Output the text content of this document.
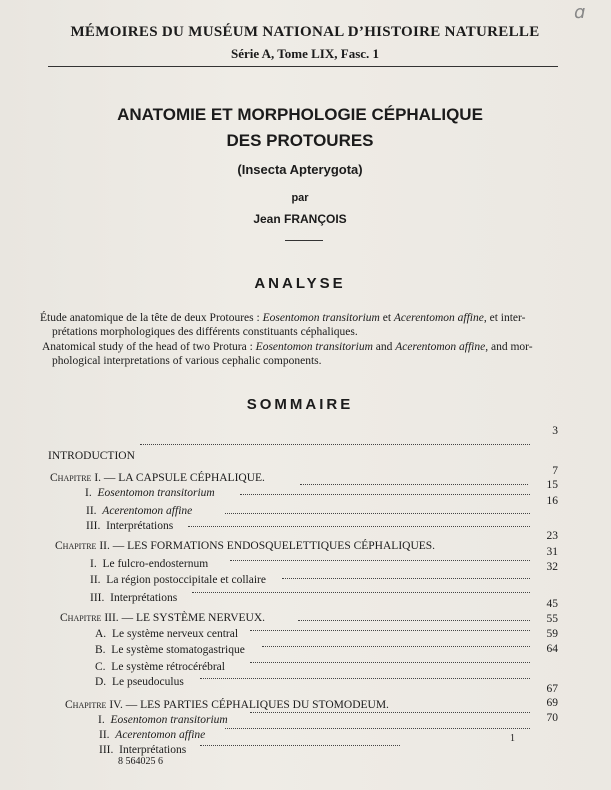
ɑ
MÉMOIRES DU MUSÉUM NATIONAL D’HISTOIRE NATURELLE
Série A, Tome LIX, Fasc. 1
ANATOMIE ET MORPHOLOGIE CÉPHALIQUE
DES PROTOURES
(Insecta Apterygota)
par
Jean FRANÇOIS
ANALYSE
Étude anatomique de la tête de deux Protoures : Eosentomon transitorium et Acerentomon affine, et inter-
prétations morphologiques des différents constituants céphaliques.
Anatomical study of the head of two Protura : Eosentomon transitorium and Acerentomon affine, and mor-
phological interpretations of various cephalic components.
SOMMAIRE
INTRODUCTION
3
Chapitre I. — LA CAPSULE CÉPHALIQUE.
7
I. Eosentomon transitorium
15
II. Acerentomon affine
16
III. Interprétations
Chapitre II. — LES FORMATIONS ENDOSQUELETTIQUES CÉPHALIQUES.
23
I. Le fulcro-endosternum
31
II. La région postoccipitale et collaire
32
III. Interprétations
Chapitre III. — LE SYSTÈME NERVEUX.
45
A. Le système nerveux central
55
B. Le système stomatogastrique
59
C. Le système rétrocérébral
64
D. Le pseudoculus
Chapitre IV. — LES PARTIES CÉPHALIQUES DU STOMODEUM.
67
I. Eosentomon transitorium
69
II. Acerentomon affine
70
III. Interprétations
1
8 564025 6
